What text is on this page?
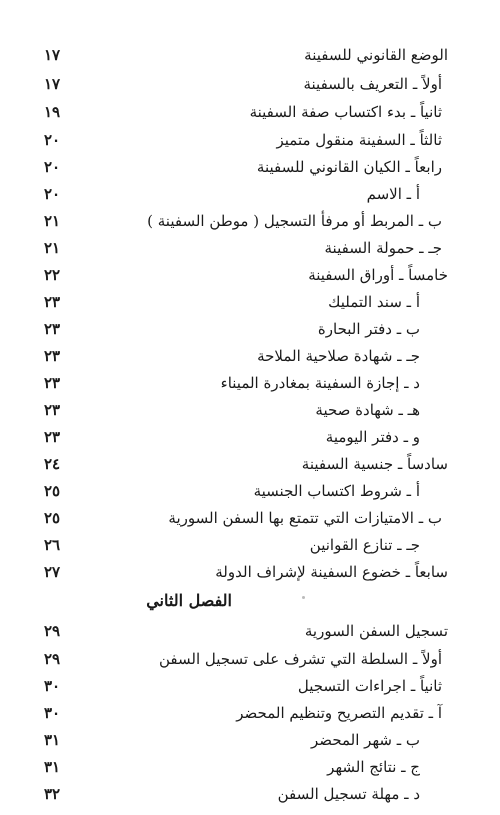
الوضع القانوني للسفينة
١٧
أولاً ـ التعريف بالسفينة
١٧
ثانياً ـ بدء اكتساب صفة السفينة
١٩
ثالثاً ـ السفينة منقول متميز
٢٠
رابعاً ـ الكيان القانوني للسفينة
٢٠
أ ـ الاسم
٢٠
ب ـ المربط أو مرفأ التسجيل ( موطن السفينة )
٢١
جـ ـ حمولة السفينة
٢١
خامساً ـ أوراق السفينة
٢٢
أ ـ سند التمليك
٢٣
ب ـ دفتر البحارة
٢٣
جـ ـ شهادة صلاحية الملاحة
٢٣
د ـ إجازة السفينة بمغادرة الميناء
٢٣
هـ ـ شهادة صحية
٢٣
و ـ دفتر اليومية
٢٣
سادساً ـ جنسية السفينة
٢٤
أ ـ شروط اكتساب الجنسية
٢٥
ب ـ الامتيازات التي تتمتع بها السفن السورية
٢٥
جـ ـ تنازع القوانين
٢٦
سابعاً ـ خضوع السفينة لإشراف الدولة
٢٧
الفصل الثاني
تسجيل السفن السورية
٢٩
أولاً ـ السلطة التي تشرف على تسجيل السفن
٢٩
ثانياً ـ اجراءات التسجيل
٣٠
آ ـ تقديم التصريح وتنظيم المحضر
٣٠
ب ـ شهر المحضر
٣١
ج ـ نتائج الشهر
٣١
د ـ مهلة تسجيل السفن
٣٢
